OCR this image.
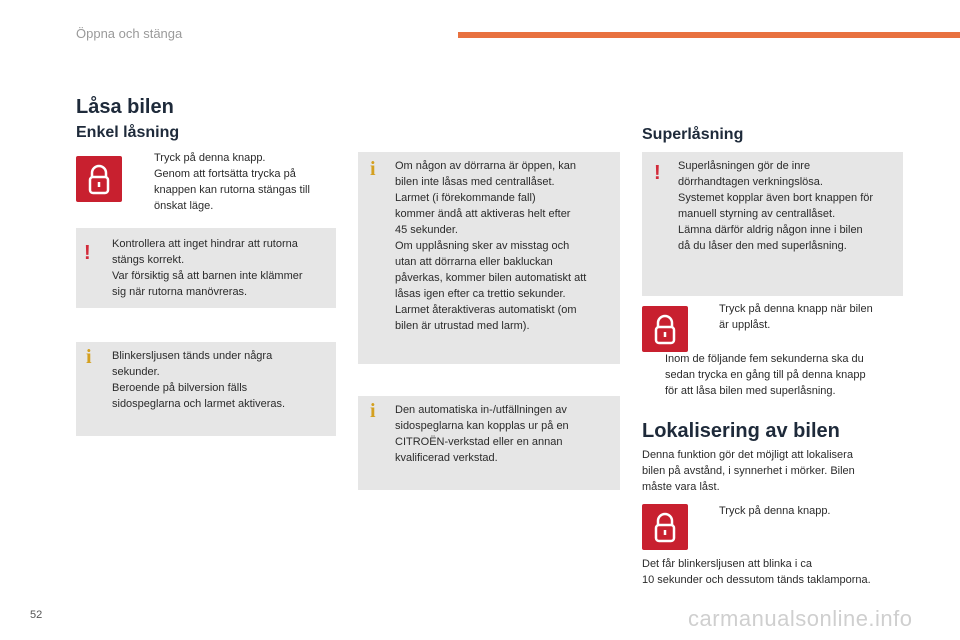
Öppna och stänga
Låsa bilen
Enkel låsning
Tryck på denna knapp.
Genom att fortsätta trycka på
knappen kan rutorna stängas till
önskat läge.
! Kontrollera att inget hindrar att rutorna
stängs korrekt.
Var försiktig så att barnen inte klämmer
sig när rutorna manövreras.
i Blinkersljusen tänds under några
sekunder.
Beroende på bilversion fälls
sidospeglarna och larmet aktiveras.
i Om någon av dörrarna är öppen, kan
bilen inte låsas med centrallåset.
Larmet (i förekommande fall)
kommer ändå att aktiveras helt efter
45 sekunder.
Om upplåsning sker av misstag och
utan att dörrarna eller bakluckan
påverkas, kommer bilen automatiskt att
låsas igen efter ca trettio sekunder.
Larmet återaktiveras automatiskt (om
bilen är utrustad med larm).
i Den automatiska in-/utfällningen av
sidospeglarna kan kopplas ur på en
CITROËN-verkstad eller en annan
kvalificerad verkstad.
Superlåsning
! Superlåsningen gör de inre
dörrhandtagen verkningslösa.
Systemet kopplar även bort knappen för
manuell styrning av centrallåset.
Lämna därför aldrig någon inne i bilen
då du låser den med superlåsning.
Tryck på denna knapp när bilen
är upplåst.
Inom de följande fem sekunderna ska du
sedan trycka en gång till på denna knapp
för att låsa bilen med superlåsning.
Lokalisering av bilen
Denna funktion gör det möjligt att lokalisera
bilen på avstånd, i synnerhet i mörker. Bilen
måste vara låst.
Tryck på denna knapp.
Det får blinkersljusen att blinka i ca
10 sekunder och dessutom tänds taklamporna.
52	carmanualsonline.info
